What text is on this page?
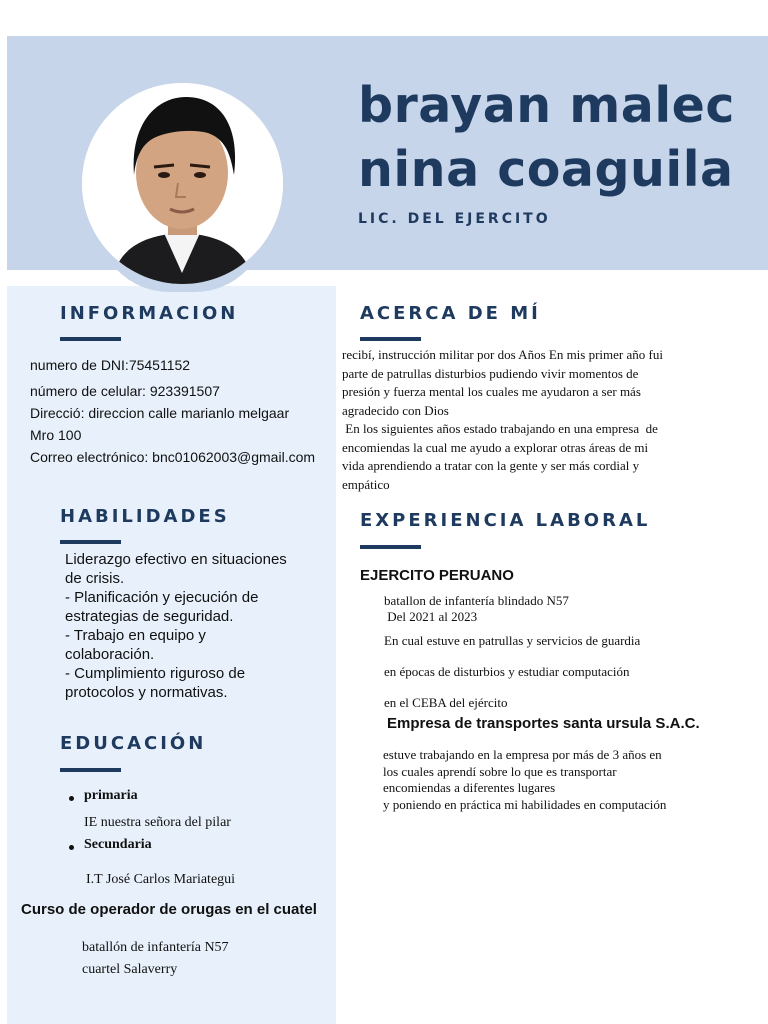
brayan malec
nina coaguila
LIC. DEL EJERCITO
INFORMACION
numero de DNI:75451152
número de celular: 923391507
Direcció: direccion calle marianlo melgaar
Mro 100
Correo electrónico: bnc01062003@gmail.com
HABILIDADES
Liderazgo efectivo en situaciones
de crisis.
- Planificación y ejecución de
estrategias de seguridad.
- Trabajo en equipo y
colaboración.
- Cumplimiento riguroso de
protocolos y normativas.
EDUCACIÓN
primaria
IE nuestra señora del pilar
Secundaria
I.T José Carlos Mariategui
Curso de operador de orugas en el cuatel
batallón de infantería N57
cuartel Salaverry
ACERCA DE MÍ
recibí, instrucción militar por dos Años En mis primer año fui
parte de patrullas disturbios pudiendo vivir momentos de
presión y fuerza mental los cuales me ayudaron a ser más
agradecido con Dios
En los siguientes años estado trabajando en una empresa  de
encomiendas la cual me ayudo a explorar otras áreas de mi
vida aprendiendo a tratar con la gente y ser más cordial y
empático
EXPERIENCIA LABORAL
EJERCITO PERUANO
batallon de infantería blindado N57
Del 2021 al 2023
En cual estuve en patrullas y servicios de guardia
en épocas de disturbios y estudiar computación
en el CEBA del ejército
Empresa de transportes santa ursula S.A.C.
estuve trabajando en la empresa por más de 3 años en
los cuales aprendí sobre lo que es transportar
encomiendas a diferentes lugares
y poniendo en práctica mi habilidades en computación
